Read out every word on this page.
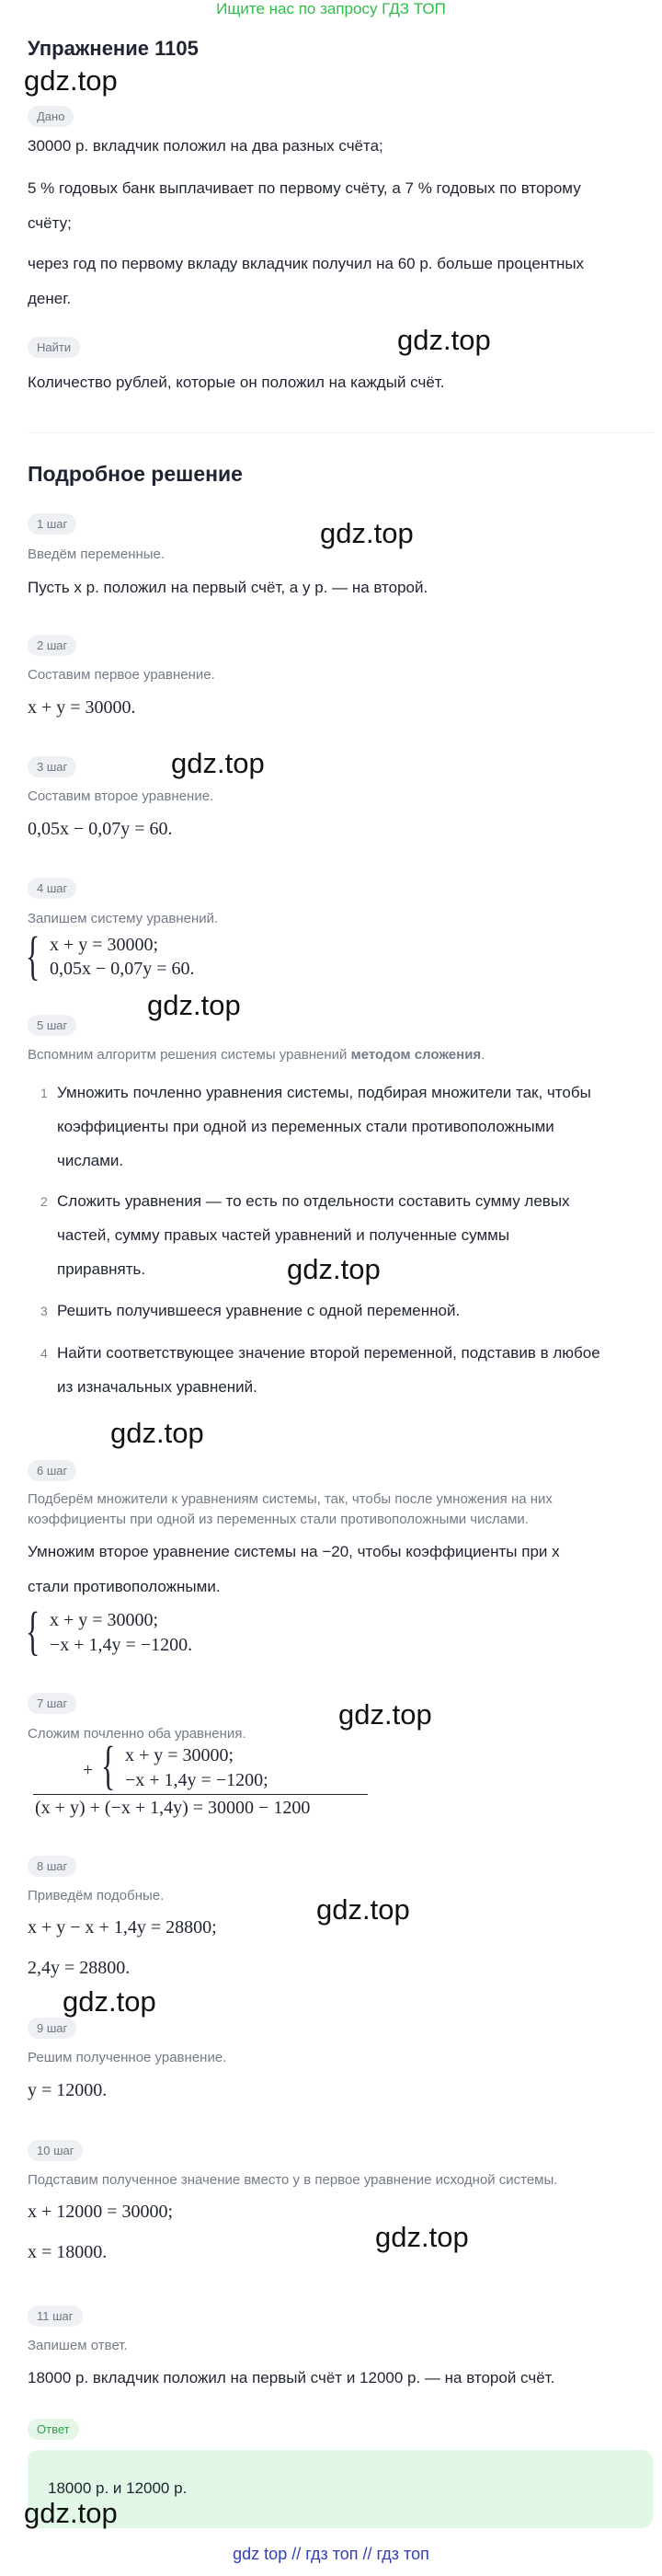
Ищите нас по запросу ГДЗ ТОП
Упражнение 1105
gdz.top
Дано
30000 р. вкладчик положил на два разных счёта;
5 % годовых банк выплачивает по первому счёту, а 7 % годовых по второму
счёту;
через год по первому вкладу вкладчик получил на 60 р. больше процентных
денег.
Найти	gdz.top
Количество рублей, которые он положил на каждый счёт.
Подробное решение
1 шаг
Введём переменные.
gdz.top
Пусть x р. положил на первый счёт, а y р. — на второй.
2 шаг
Составим первое уравнение.
x + y = 30000.
3 шаг	gdz.top
Составим второе уравнение.
0,05x − 0,07y = 60.
4 шаг
Запишем систему уравнений.
{ x + y = 30000;
0,05x − 0,07y = 60.
gdz.top
5 шаг
Вспомним алгоритм решения системы уравнений методом сложения.
1 Умножить почленно уравнения системы, подбирая множители так, чтобы
коэффициенты при одной из переменных стали противоположными
числами.
2 Сложить уравнения — то есть по отдельности составить сумму левых
частей, сумму правых частей уравнений и полученные суммы
приравнять.	gdz.top
3 Решить получившееся уравнение с одной переменной.
4 Найти соответствующее значение второй переменной, подставив в любое
из изначальных уравнений.
gdz.top
6 шаг
Подберём множители к уравнениям системы, так, чтобы после умножения на них
коэффициенты при одной из переменных стали противоположными числами.
Умножим второе уравнение системы на −20, чтобы коэффициенты при x
стали противоположными.
{ x + y = 30000;
−x + 1,4y = −1200.
7 шаг	gdz.top
Сложим почленно оба уравнения.
+ { x + y = 30000;
−x + 1,4y = −1200;
(x + y) + (−x + 1,4y) = 30000 − 1200
8 шаг
gdz.top
Приведём подобные.
x + y − x + 1,4y = 28800;
2,4y = 28800.
gdz.top
9 шаг
Решим полученное уравнение.
y = 12000.
10 шаг
Подставим полученное значение вместо y в первое уравнение исходной системы.
x + 12000 = 30000;
x = 18000.	gdz.top
11 шаг
Запишем ответ.
18000 р. вкладчик положил на первый счёт и 12000 р. — на второй счёт.
Ответ
18000 р. и 12000 р.
gdz.top
gdz top // гдз топ // гдз топ
